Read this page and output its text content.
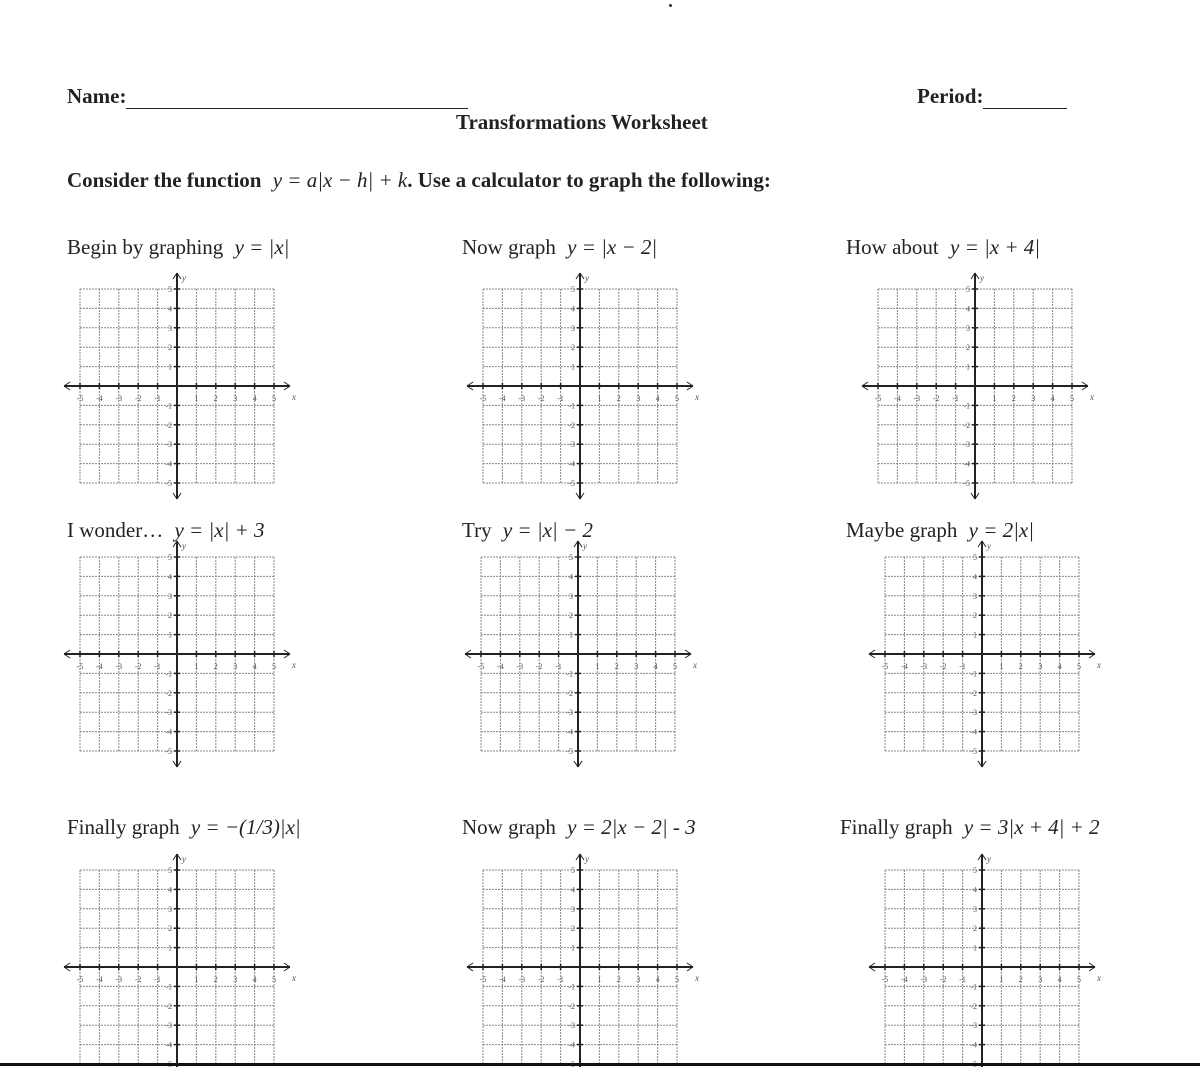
Name:	Period:
Transformations Worksheet
Consider the function y = a|x − h| + k. Use a calculator to graph the following:
Begin by graphing y = |x|
x
y
-5
-5
-4
-4
-3
-3
-2
-2
-1
-1
1
1
2
2
3
3
4
4
5
5
Now graph y = |x − 2|
x
y
-5
-5
-4
-4
-3
-3
-2
-2
-1
-1
1
1
2
2
3
3
4
4
5
5
How about y = |x + 4|
x
y
-5
-5
-4
-4
-3
-3
-2
-2
-1
-1
1
1
2
2
3
3
4
4
5
5
I wonder… y = |x| + 3
x
y
-5
-5
-4
-4
-3
-3
-2
-2
-1
-1
1
1
2
2
3
3
4
4
5
5
Try y = |x| − 2
x
y
-5
-5
-4
-4
-3
-3
-2
-2
-1
-1
1
1
2
2
3
3
4
4
5
5
Maybe graph y = 2|x|
x
y
-5
-5
-4
-4
-3
-3
-2
-2
-1
-1
1
1
2
2
3
3
4
4
5
5
Finally graph y = −(1/3)|x|
x
y
-5 -4
-4
-3
-3
-2
-2
-1
-1
1
1
2
2
3
3
4
4
5
5
Now graph y = 2|x − 2| - 3
x
y
-5 -4
-4
-3
-3
-2
-2
-1
-1
1
1
2
2
3
3
4
4
5
5
Finally graph y = 3|x + 4| + 2
x
y
-5 -4
-4
-3
-3
-2
-2
-1
-1
1
1
2
2
3
3
4
4
5
5
